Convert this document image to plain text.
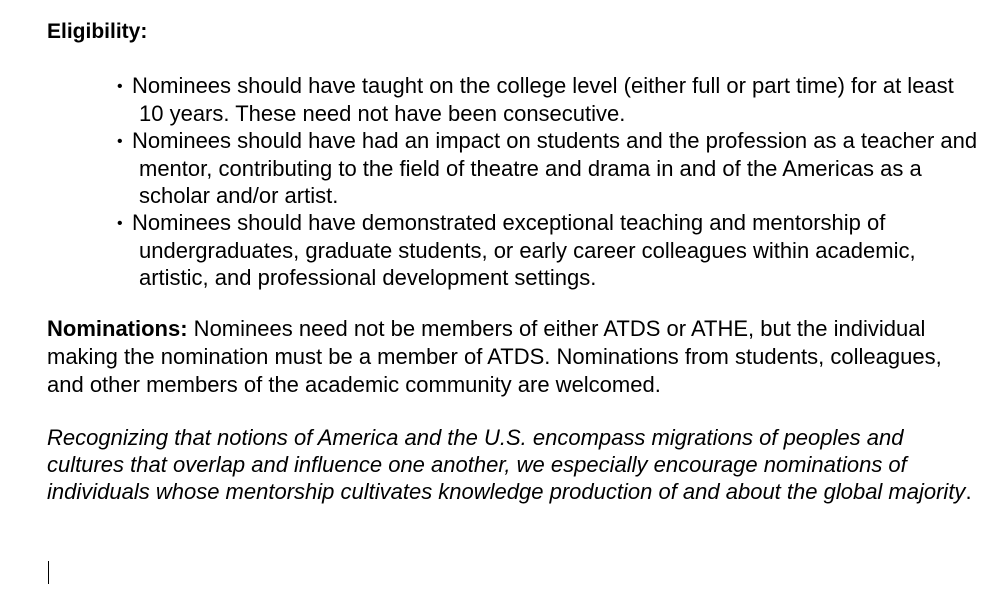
Eligibility:
• Nominees should have taught on the college level (either full or part time) for at least 10 years. These need not have been consecutive.
• Nominees should have had an impact on students and the profession as a teacher and mentor, contributing to the field of theatre and drama in and of the Americas as a scholar and/or artist.
• Nominees should have demonstrated exceptional teaching and mentorship of undergraduates, graduate students, or early career colleagues within academic, artistic, and professional development settings.

Nominations: Nominees need not be members of either ATDS or ATHE, but the individual making the nomination must be a member of ATDS. Nominations from students, colleagues, and other members of the academic community are welcomed.

Recognizing that notions of America and the U.S. encompass migrations of peoples and cultures that overlap and influence one another, we especially encourage nominations of individuals whose mentorship cultivates knowledge production of and about the global majority.
